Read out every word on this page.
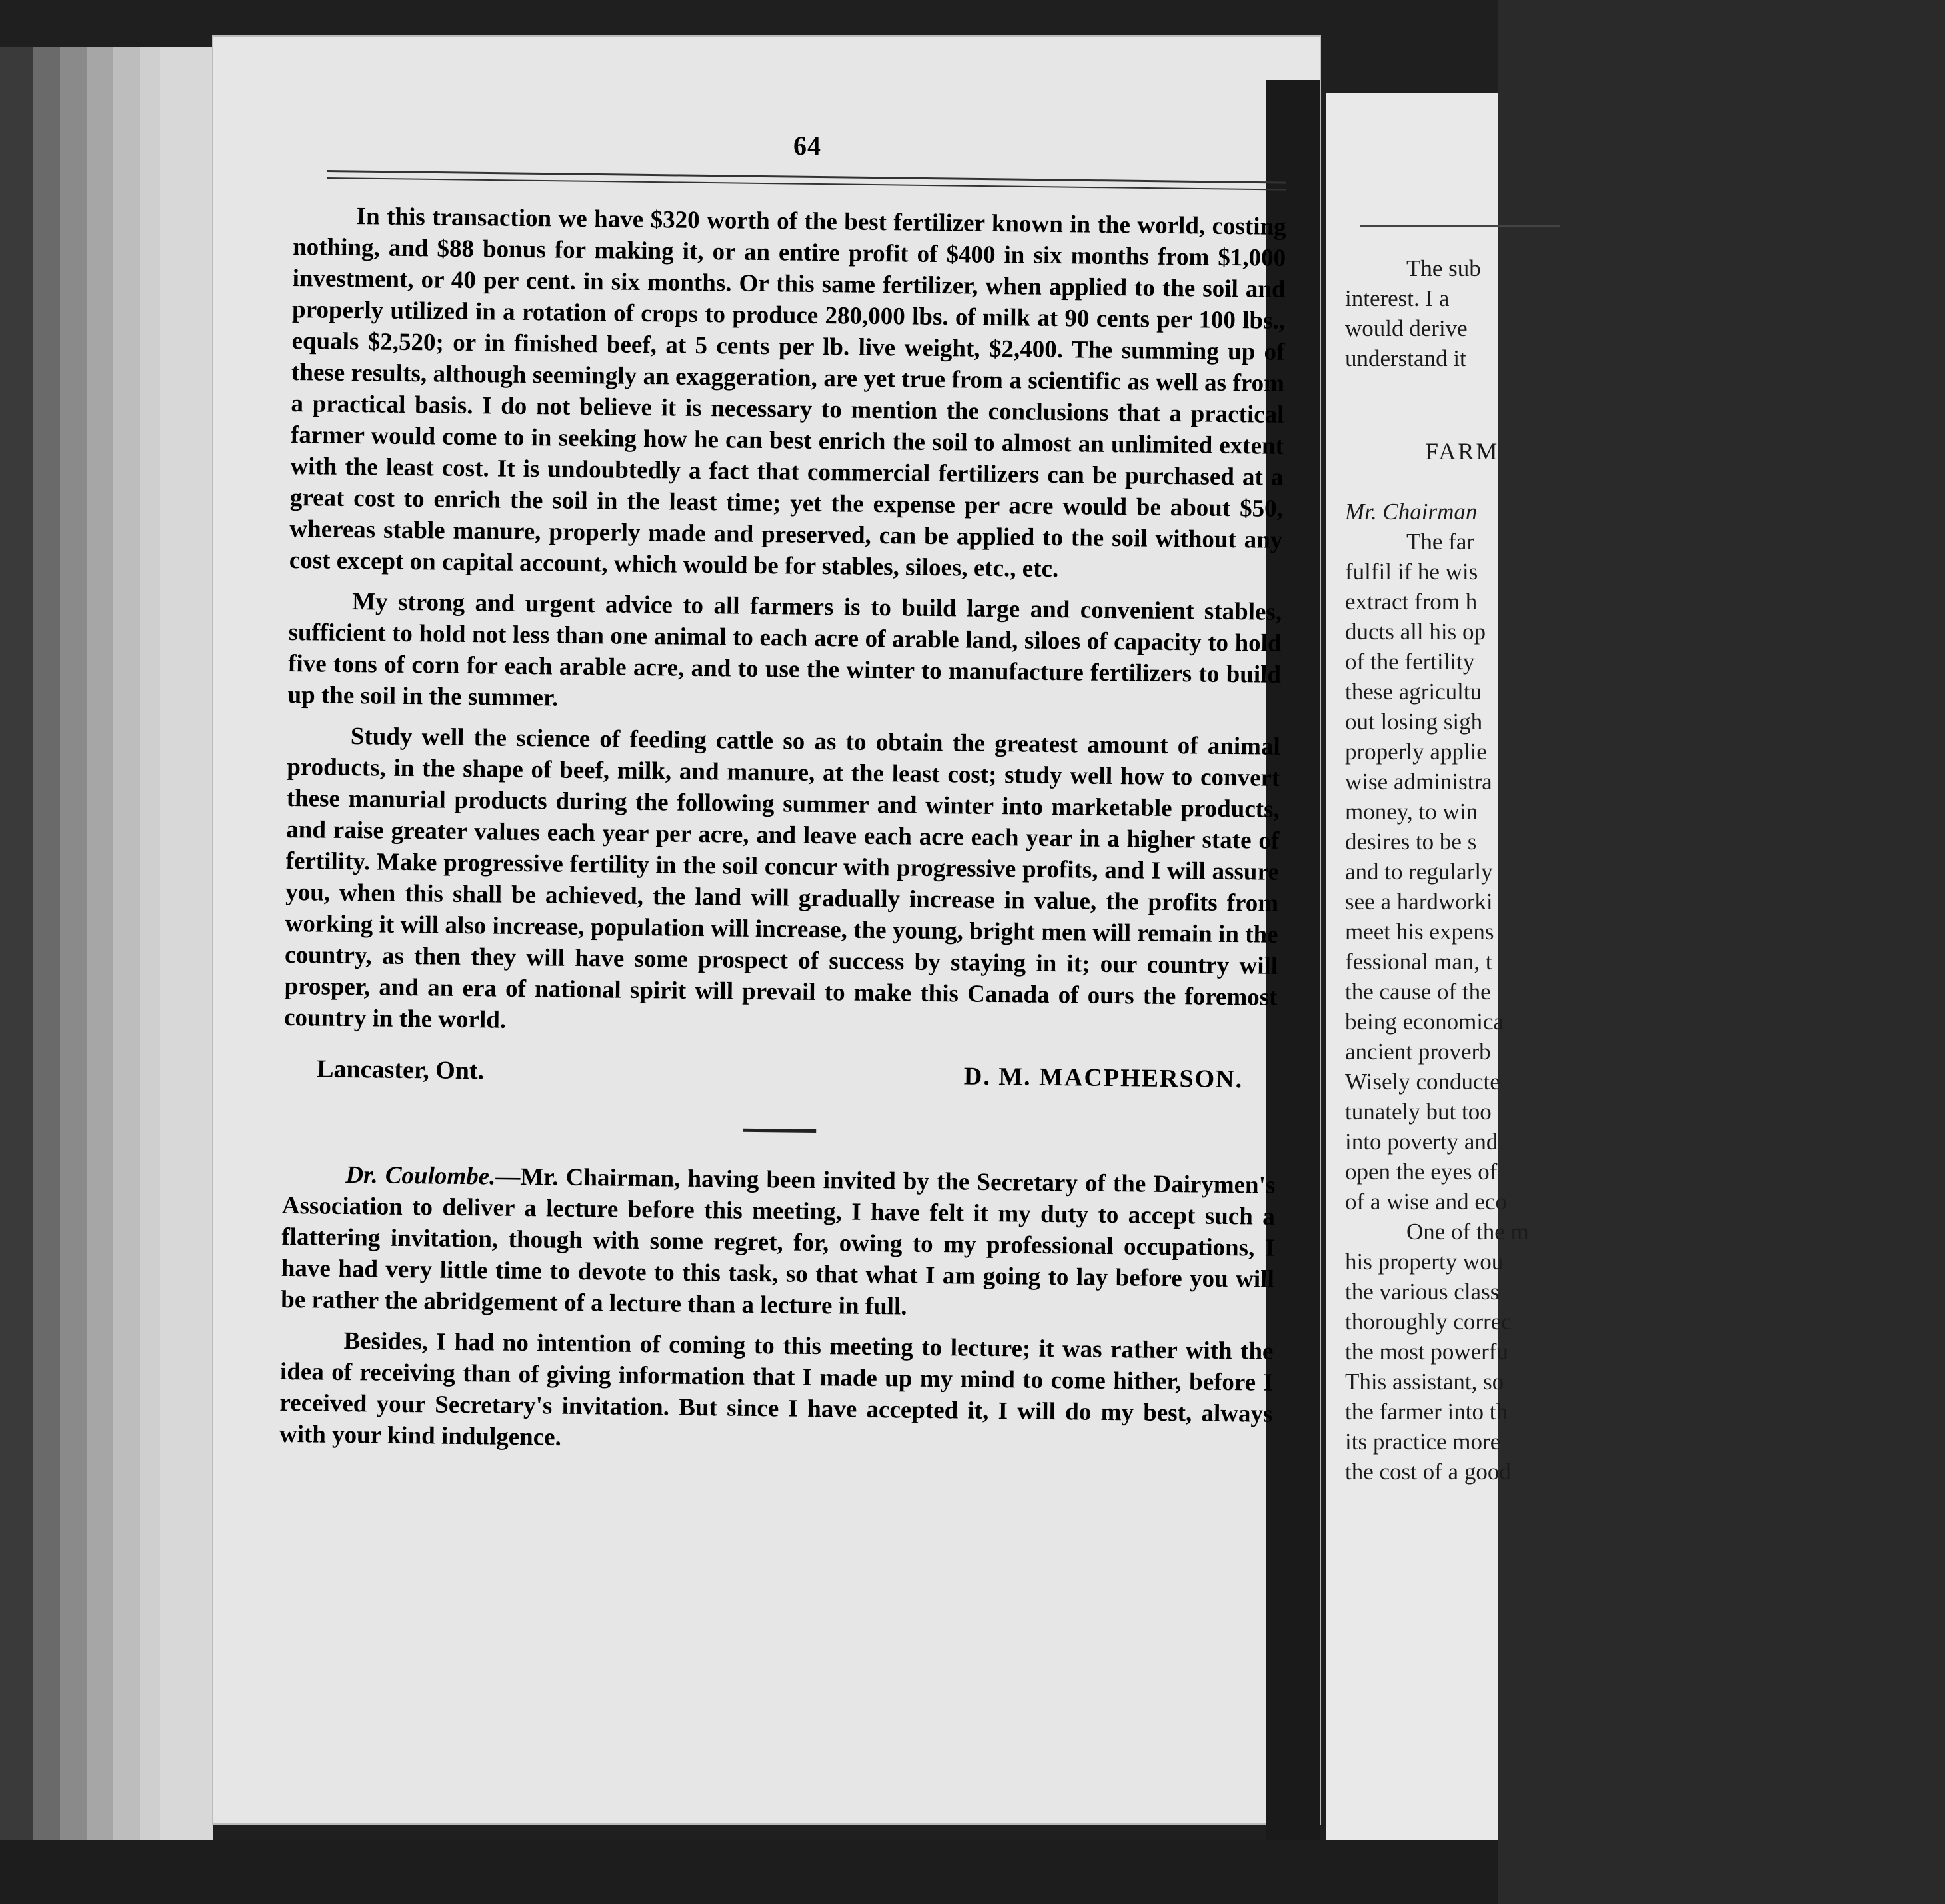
64

In this transaction we have $320 worth of the best fertilizer known in the world, costing nothing, and $88 bonus for making it, or an entire profit of $400 in six months from $1,000 investment, or 40 per cent. in six months. Or this same fertilizer, when applied to the soil and properly utilized in a rotation of crops to produce 280,000 lbs. of milk at 90 cents per 100 lbs., equals $2,520; or in finished beef, at 5 cents per lb. live weight, $2,400. The summing up of these results, although seemingly an exaggeration, are yet true from a scientific as well as from a practical basis. I do not believe it is necessary to mention the conclusions that a practical farmer would come to in seeking how he can best enrich the soil to almost an unlimited extent with the least cost. It is undoubtedly a fact that commercial fertilizers can be purchased at a great cost to enrich the soil in the least time; yet the expense per acre would be about $50, whereas stable manure, properly made and preserved, can be applied to the soil without any cost except on capital account, which would be for stables, siloes, etc., etc.

My strong and urgent advice to all farmers is to build large and convenient stables, sufficient to hold not less than one animal to each acre of arable land, siloes of capacity to hold five tons of corn for each arable acre, and to use the winter to manufacture fertilizers to build up the soil in the summer.

Study well the science of feeding cattle so as to obtain the greatest amount of animal products, in the shape of beef, milk, and manure, at the least cost; study well how to convert these manurial products during the following summer and winter into marketable products, and raise greater values each year per acre, and leave each acre each year in a higher state of fertility. Make progressive fertility in the soil concur with progressive profits, and I will assure you, when this shall be achieved, the land will gradually increase in value, the profits from working it will also increase, population will increase, the young, bright men will remain in the country, as then they will have some prospect of success by staying in it; our country will prosper, and an era of national spirit will prevail to make this Canada of ours the foremost country in the world.

Lancaster, Ont.	D. M. MACPHERSON.

Dr. Coulombe.—Mr. Chairman, having been invited by the Secretary of the Dairymen's Association to deliver a lecture before this meeting, I have felt it my duty to accept such a flattering invitation, though with some regret, for, owing to my professional occupations, I have had very little time to devote to this task, so that what I am going to lay before you will be rather the abridgement of a lecture than a lecture in full.

Besides, I had no intention of coming to this meeting to lecture; it was rather with the idea of receiving than of giving information that I made up my mind to come hither, before I received your Secretary's invitation. But since I have accepted it, I will do my best, always with your kind indulgence.

The sub
interest. I a
would derive
understand it
FARM
Mr. Chairman
The far
fulfil if he wis
extract from h
ducts all his op
of the fertility
these agricultu
out losing sigh
properly applie
wise administra
money, to win
desires to be s
and to regularly
see a hardworki
meet his expens
fessional man, t
the cause of the
being economica
ancient proverb
Wisely conducte
tunately but too
into poverty and
open the eyes of
of a wise and eco
One of the m
his property wou
the various class
thoroughly correc
the most powerfu
This assistant, so
the farmer into th
its practice more
the cost of a good
